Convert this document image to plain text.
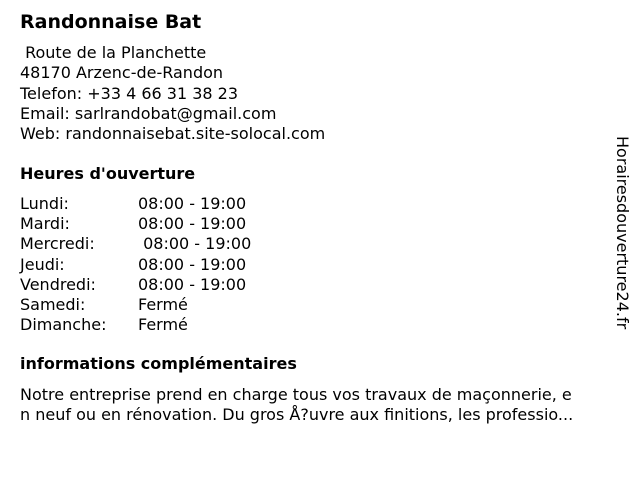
Randonnaise Bat
Route de la Planchette
48170 Arzenc-de-Randon
Telefon: +33 4 66 31 38 23
Email: sarlrandobat@gmail.com
Web: randonnaisebat.site-solocal.com
Heures d'ouverture
Lundi:	08:00 - 19:00
Mardi:	08:00 - 19:00
Mercredi:	08:00 - 19:00
Jeudi:	08:00 - 19:00
Vendredi:	08:00 - 19:00
Samedi:	Fermé
Dimanche:	Fermé
informations complémentaires
Notre entreprise prend en charge tous vos travaux de maçonnerie, e
n neuf ou en rénovation. Du gros Å?uvre aux finitions, les professio...
Horairesdouverture24.fr
